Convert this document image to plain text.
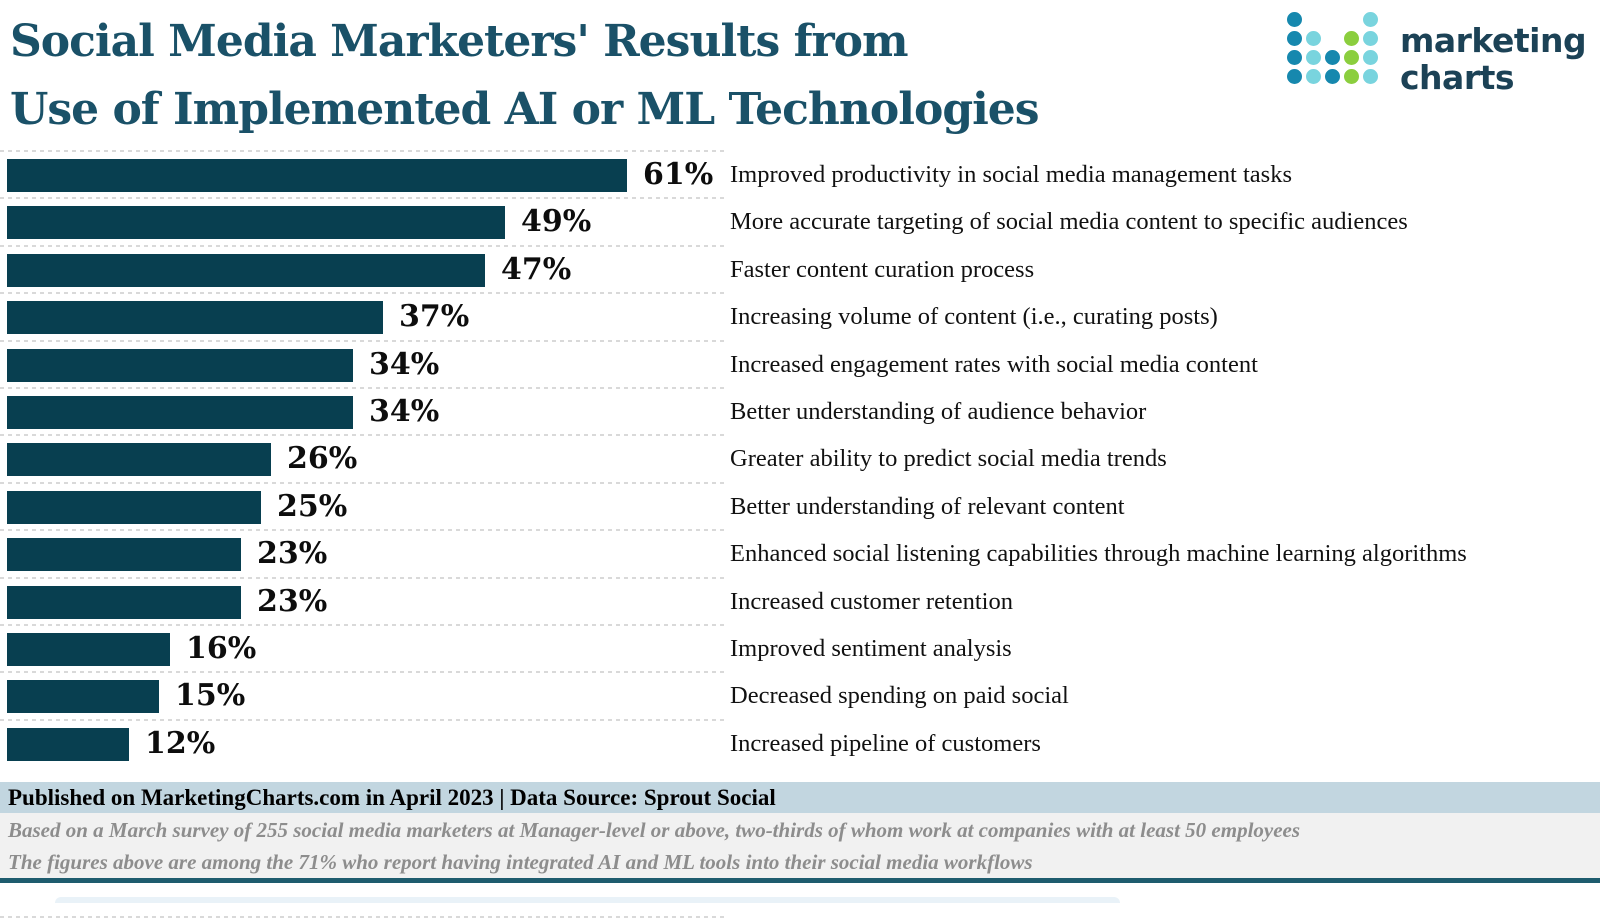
Social Media Marketers' Results from
Use of Implemented AI or ML Technologies
marketing
charts
61% Improved productivity in social media management tasks
49%	More accurate targeting of social media content to specific audiences
47%	Faster content curation process
37%	Increasing volume of content (i.e., curating posts)
34%	Increased engagement rates with social media content
34%	Better understanding of audience behavior
26%	Greater ability to predict social media trends
25%	Better understanding of relevant content
23%	Enhanced social listening capabilities through machine learning algorithms
23%	Increased customer retention
16%	Improved sentiment analysis
15%	Decreased spending on paid social
12%	Increased pipeline of customers
Published on MarketingCharts.com in April 2023 | Data Source: Sprout Social
Based on a March survey of 255 social media marketers at Manager-level or above, two-thirds of whom work at companies with at least 50 employees
The figures above are among the 71% who report having integrated AI and ML tools into their social media workflows
